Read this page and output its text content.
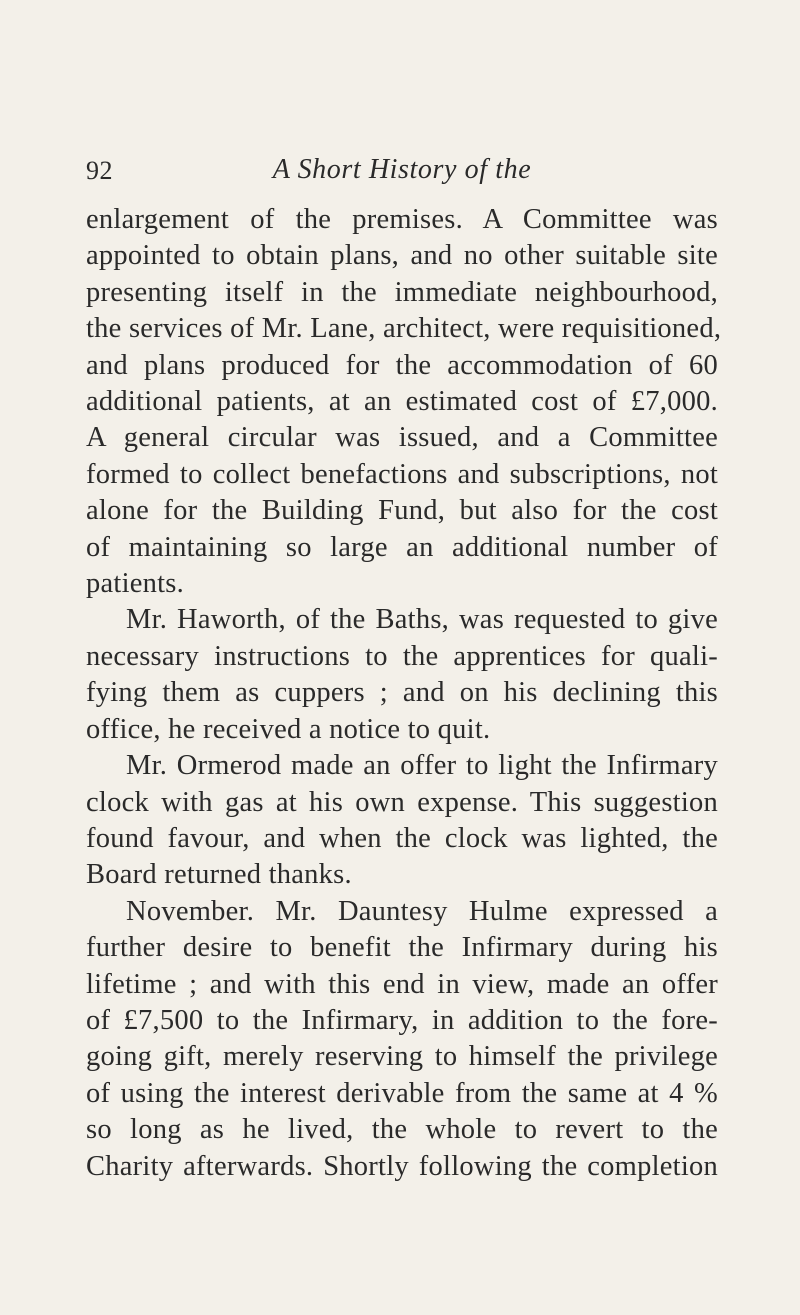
92	A Short History of the
enlargement of the premises. A Committee was
appointed to obtain plans, and no other suitable site
presenting itself in the immediate neighbourhood,
the services of Mr. Lane, architect, were requisitioned,
and plans produced for the accommodation of 60
additional patients, at an estimated cost of £7,000.
A general circular was issued, and a Committee
formed to collect benefactions and subscriptions, not
alone for the Building Fund, but also for the cost
of maintaining so large an additional number of
patients.
Mr. Haworth, of the Baths, was requested to give
necessary instructions to the apprentices for quali-
fying them as cuppers ; and on his declining this
office, he received a notice to quit.
Mr. Ormerod made an offer to light the Infirmary
clock with gas at his own expense. This suggestion
found favour, and when the clock was lighted, the
Board returned thanks.
November. Mr. Dauntesy Hulme expressed a
further desire to benefit the Infirmary during his
lifetime ; and with this end in view, made an offer
of £7,500 to the Infirmary, in addition to the fore-
going gift, merely reserving to himself the privilege
of using the interest derivable from the same at 4 %
so long as he lived, the whole to revert to the
Charity afterwards. Shortly following the completion
